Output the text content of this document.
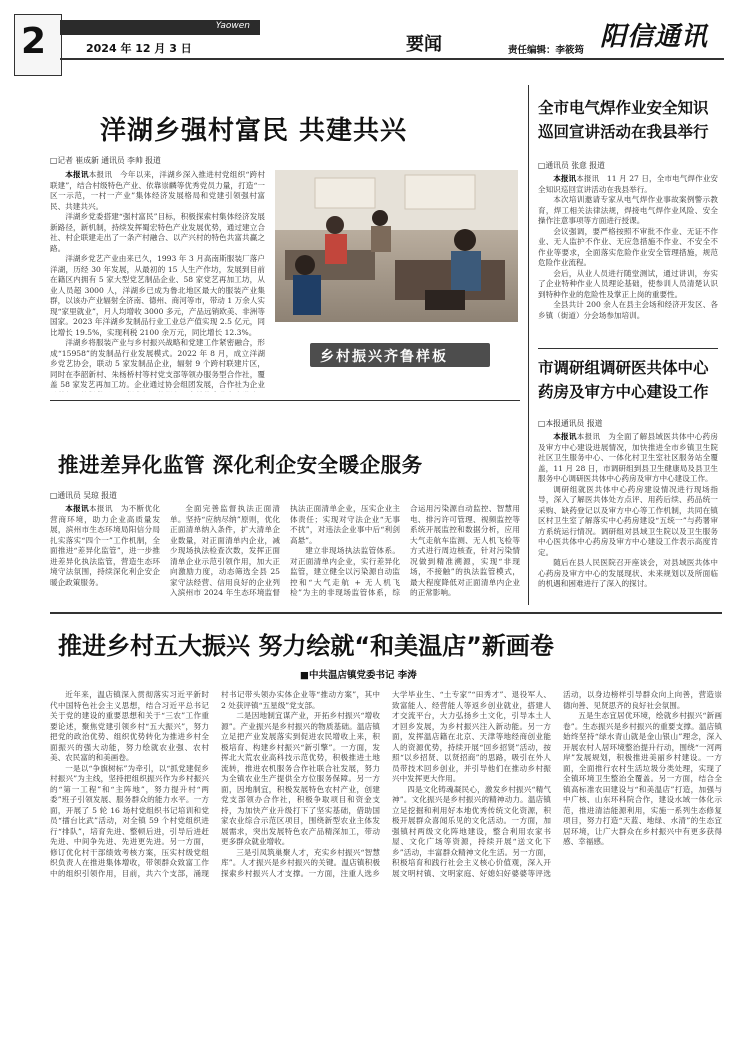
2	Yaowen
2024 年 12 月 3 日	要闻	责任编辑：李筱筠 阳信通讯
洋湖乡强村富民 共建共兴
□记者 崔成新 通讯员 李帅 报道
本报讯本报讯　今年以来，洋湖乡深入推进村党组织“跨村联建”，结合村级特色产业、依靠崇麟等优秀党员力量，打造“一区一示范，一村一产业”集体经济发展格局和党建引领强村富民、共建共兴。
洋湖乡党委搭建“强村富民”目标，积极探索村集体经济发展新路径，新机制，持续发挥蜀宏特色产业发展优势，通过建立合社、村企联建走出了一条产村融合、以产兴村的特色共富共赢之路。
洋湖乡党艺产业由来已久，1993 年 3 月高南斯服装厂落户洋湖，历经 30 年发展，从最初的 15 人生产作坊，发展到目前在籍区内拥有 5 家大型党艺制品企业、58 家党艺再加工坊，从业人员超 3000 人，洋湖乡已成为鲁北地区最大的服装产业集群，以该办产业辐射全济南、德州、商河等市，带动 1 万余人实现“家里就业”，月人均增收 3000 多元，产品远销欧美、非洲等国家。2023 年洋湖乡发制品行业工业总产值实现 2.5 亿元，同比增长 19.5%，实现利税 2100 余万元，同比增长 12.3%。
洋湖乡将服装产业与乡村振兴战略和党建工作紧密融合，形成“15958”的发制品行业发展模式。2022 年 8 月，成立洋湖乡党艺协会，联动 5 家发制品企业，辐射 9 个跨村联建片区，同时在李韶新村、朱杨桥村等村党支部等领办服务型合作社，覆盖 58 家发艺再加工坊。企业通过协会组团发展，合作社为企业
乡村振兴齐鲁样板
全市电气焊作业安全知识
巡回宣讲活动在我县举行
□通讯员 张意 报道
本报讯本报讯　11 月 27 日，全市电气焊作业安全知识巡回宣讲活动在我县举行。
本次培训邀请专家从电气焊作业事故案例警示教育，焊工相关法律法规，焊接电气焊作业风险、安全操作注意事项等方面进行授课。
会议强调，要严格按照不审批不作业、无证不作业、无人监护不作业、无应急措施不作业、不安全不作业等要求，全面落实危险作业安全管理措施，规范危险作业流程。
会后，从业人员进行随堂测试，通过讲训，夯实了企业特种作业人员理论基础，使参训人员清楚认识到特种作业的危险性及掌正上岗的重要性。
全县共计 200 余人在县主会场和经济开发区、各乡镇（街道）分会场参加培训。
市调研组调研医共体中心
药房及审方中心建设工作
□本报通讯员 报道
本报讯本报讯　为全面了解县域医共体中心药房及审方中心建设进展情况，加快推进全市乡镇卫生院社区卫生服务中心、一体化村卫生室社区服务站全覆盖，11 月 28 日，市调研组到县卫生健康局及县卫生服务中心调研医共体中心药房及审方中心建设工作。
调研组就医共体中心药房建设情况进行现场指导，深入了解医共体处方点评、用药后续、药品统一采购、缺药登记以及审方中心等工作机制，共同在镇区村卫生室了解落实中心药房建设“五统一”与药署审方系统运行情况。调研组对县域卫生院以及卫生服务中心医共体中心药房及审方中心建设工作表示高度肯定。
随后在县人民医院召开座谈会，对县域医共体中心药房及审方中心的发展现状、未来规划以及所面临的机遇和困难进行了深入的探讨。
推进差异化监管 深化利企安全暖企服务
□通讯员 吴琼 报道
本报讯本报讯　为不断优化营商环境，助力企业高质量发展，滨州市生态环境局阳信分局扎实落实“四个一”工作机制，全面推进“差异化监管”，进一步推进差异化执法监管，营造生态环境守法氛围，持续深化利企安企暖企政策服务。
全面完善监督执法正面清单。坚持“应纳尽纳”原则，优化正面清单纳入条件，扩大清单企业数量，对正面清单内企业，减少现场执法检查次数，发挥正面清单企业示范引领作用，加大正向激励力度，动态筛选全县 25 家守法经营、信用良好的企业列入滨州市 2024 年生态环境监督执法正面清单企业，压实企业主体责任；实现对守法企业“无事不扰”，对违法企业事中后“利剑高悬”。
建立非现场执法监管体系。对正面清单内企业，实行差异化监管，建立健全以污染源自动监控和“大气走航 + 无人机飞检”为主的非现场监管体系，综合运用污染源自动监控、智慧用电、排污许可管理、视频监控等系统开展监控和数据分析，应用大气走航车监测、无人机飞检等方式进行周边核查，针对污染情况做到精准溯源，实现“非现场，不接触”的执法监管模式，最大程度降低对正面清单内企业的正常影响。
推进乡村五大振兴 努力绘就“和美温店”新画卷
■中共温店镇党委书记 李涛
近年来，温店镇深入贯彻落实习近平新时代中国特色社会主义思想，结合习近平总书记关于党的建设的重要思想和关于“三农”工作重要论述，聚焦党建引领乡村“五大振兴”，努力把党的政治优势、组织优势转化为推进乡村全面振兴的强大动能，努力绘就农业强、农村美、农民富的和美画卷。
一是以“争旗树标”为牵引，以“抓党建促乡村振兴”为主线，坚持把组织振兴作为乡村振兴的“第一工程”和“主阵地”，努力提升村“两委”班子引领发展、服务群众的能力水平。一方面，开展了 5 轮 16 场村党组织书记培训和党员“擂台比武”活动，对全镇 59 个村党组织进行“排队”，培育先进、整顿后进，引导后进赶先进、中间争先进、先进更先进。另一方面，修订优化村干部绩效考核方案，压实村级党组织负责人在推进集体增收，带领群众致富工作中的组织引领作用，目前，共六个支部，涌现村书记带头领办实体企业等“推动方案”，其中 2 处获评镇“五星级”党支部。
二是因地制宜谋产业，开拓乡村振兴“增收源”。产业振兴是乡村振兴的物质基础。温店镇立足把产业发展落实到促进农民增收上来，积极培育、构建乡村振兴“新引擎”。一方面，发挥北大荒农业高科技示范优势，积极推进土地流转，推进农机服务合作社联合社发展，努力为全镇农业生产提供全方位服务保障。另一方面，因地制宜，积极发展特色农村产业，创建党支部领办合作社，积极争取项目和资金支持，为加快产业升级打下了坚实基础，借助国家农业综合示范区项目，围绕新型农业主体发展需求，突出发展特色农产品精深加工，带动更多群众就业增收。
三是引凤筑巢聚人才，充实乡村振兴“智慧库”。人才振兴是乡村振兴的关键。温店镇积极探索乡村振兴人才支撑。一方面，注重人选乡大学毕业生、“土专家”“田秀才”、退役军人、致富能人、经营能人等返乡创业就业，搭建人才交流平台，大力弘扬乡土文化，引导本土人才回乡发展，为乡村振兴注入新动能。另一方面，发挥温店籍在北京、天津等地经商创业能人的资源优势，持续开展“回乡招贤”活动，按照“以乡招贤、以贤招商”的思路，吸引在外人员带技术回乡创业，并引导他们在推动乡村振兴中发挥更大作用。
四是文化铸魂凝民心，激发乡村振兴“精气神”。文化振兴是乡村振兴的精神动力。温店镇立足挖掘和利用好本地优秀传统文化资源，积极开展群众喜闻乐见的文化活动。一方面，加强镇村两级文化阵地建设，整合利用农家书屋、文化广场等资源，持续开展“送文化下乡”活动，丰富群众精神文化生活。另一方面，积极培育和践行社会主义核心价值观，深入开展文明村镇、文明家庭、好媳妇好婆婆等评选活动，以身边榜样引导群众向上向善，营造崇德向善、见贤思齐的良好社会氛围。
五是生态宜居优环境，绘就乡村振兴“新画卷”。生态振兴是乡村振兴的重要支撑。温店镇始终坚持“绿水青山就是金山银山”理念，深入开展农村人居环境整治提升行动，围绕“一河两岸”发展规划，积极推进美丽乡村建设。一方面，全面推行农村生活垃圾分类处理，实现了全镇环境卫生整治全覆盖。另一方面，结合全镇高标准农田建设与“和美温店”打造，加强与中广核、山东环科院合作，建设水域一体化示范，推进清洁能源利用，实施一系列生态修复项目，努力打造“天蓝、地绿、水清”的生态宜居环境，让广大群众在乡村振兴中有更多获得感、幸福感。
